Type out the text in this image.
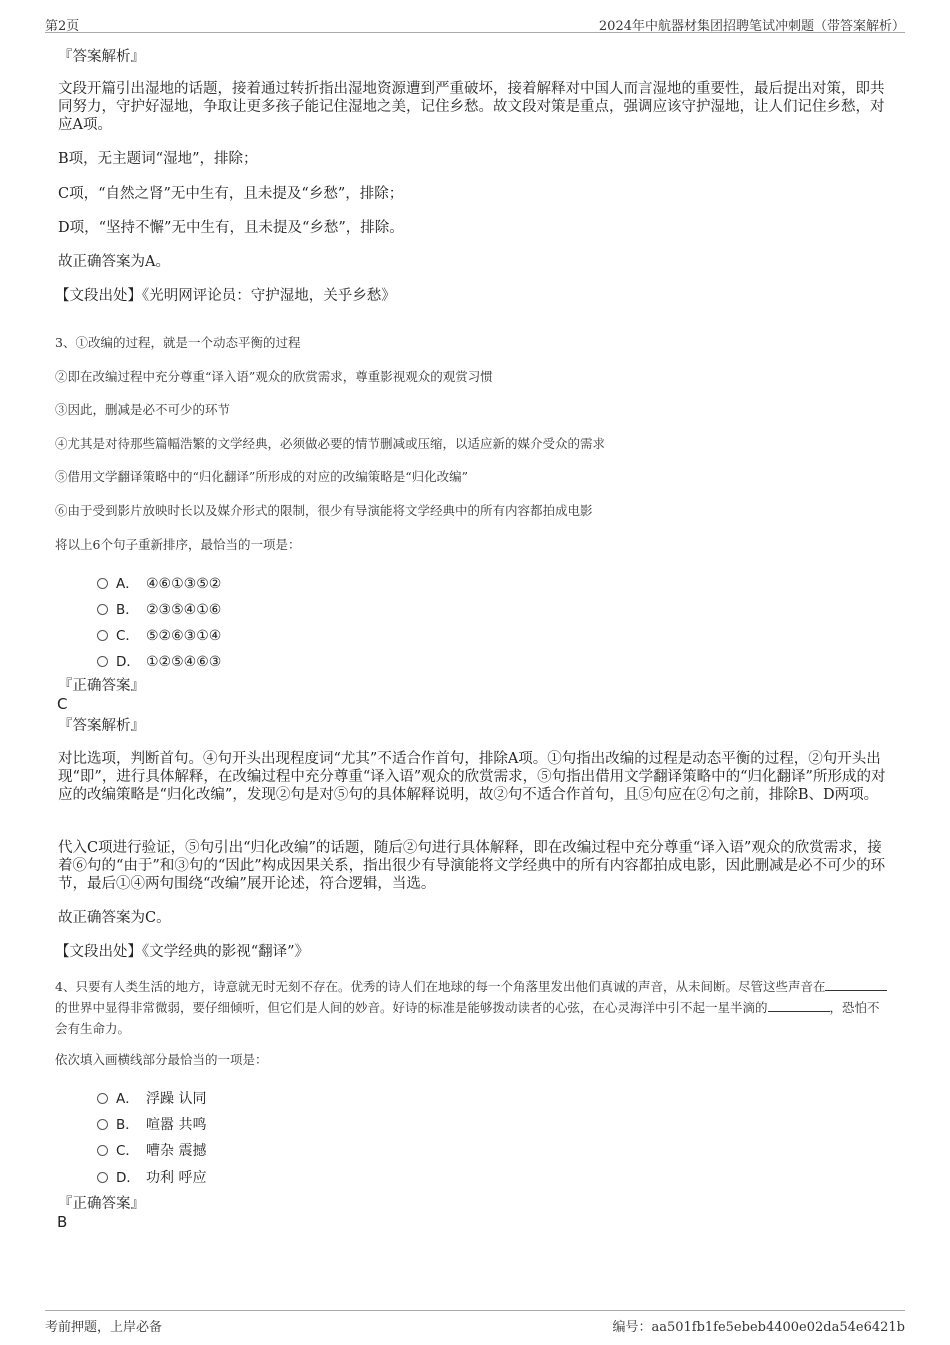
第2页	2024年中航器材集团招聘笔试冲刺题（带答案解析）
『答案解析』
文段开篇引出湿地的话题，接着通过转折指出湿地资源遭到严重破坏，接着解释对中国人而言湿地的重要性，最后提出对策，即共同努力，守护好湿地，争取让更多孩子能记住湿地之美，记住乡愁。故文段对策是重点，强调应该守护湿地，让人们记住乡愁，对应A项。
B项，无主题词“湿地”，排除；
C项，“自然之肾”无中生有，且未提及“乡愁”，排除；
D项，“坚持不懈”无中生有，且未提及“乡愁”，排除。
故正确答案为A。
【文段出处】《光明网评论员：守护湿地，关乎乡愁》
3、①改编的过程，就是一个动态平衡的过程
②即在改编过程中充分尊重“译入语”观众的欣赏需求，尊重影视观众的观赏习惯
③因此，删减是必不可少的环节
④尤其是对待那些篇幅浩繁的文学经典，必须做必要的情节删减或压缩，以适应新的媒介受众的需求
⑤借用文学翻译策略中的“归化翻译”所形成的对应的改编策略是“归化改编”
⑥由于受到影片放映时长以及媒介形式的限制，很少有导演能将文学经典中的所有内容都拍成电影
将以上6个句子重新排序，最恰当的一项是：
A． ④⑥①③⑤②
B． ②③⑤④①⑥
C． ⑤②⑥③①④
D． ①②⑤④⑥③
『正确答案』
C
『答案解析』
对比选项，判断首句。④句开头出现程度词“尤其”不适合作首句，排除A项。①句指出改编的过程是动态平衡的过程，②句开头出现“即”，进行具体解释，在改编过程中充分尊重“译入语”观众的欣赏需求，⑤句指出借用文学翻译策略中的“归化翻译”所形成的对应的改编策略是“归化改编”，发现②句是对⑤句的具体解释说明，故②句不适合作首句，且⑤句应在②句之前，排除B、D两项。
代入C项进行验证，⑤句引出“归化改编”的话题，随后②句进行具体解释，即在改编过程中充分尊重“译入语”观众的欣赏需求，接着⑥句的“由于”和③句的“因此”构成因果关系，指出很少有导演能将文学经典中的所有内容都拍成电影，因此删减是必不可少的环节，最后①④两句围绕“改编”展开论述，符合逻辑，当选。
故正确答案为C。
【文段出处】《文学经典的影视“翻译”》
4、只要有人类生活的地方，诗意就无时无刻不存在。优秀的诗人们在地球的每一个角落里发出他们真诚的声音，从未间断。尽管这些声音在的世界中显得非常微弱，要仔细倾听，但它们是人间的妙音。好诗的标准是能够拨动读者的心弦，在心灵海洋中引不起一星半滴的	，恐怕不会有生命力。
依次填入画横线部分最恰当的一项是：
A． 浮躁 认同
B． 喧嚣 共鸣
C． 嘈杂 震撼
D． 功利 呼应
『正确答案』
B
考前押题，上岸必备	编号：aa501fb1fe5ebeb4400e02da54e6421b
